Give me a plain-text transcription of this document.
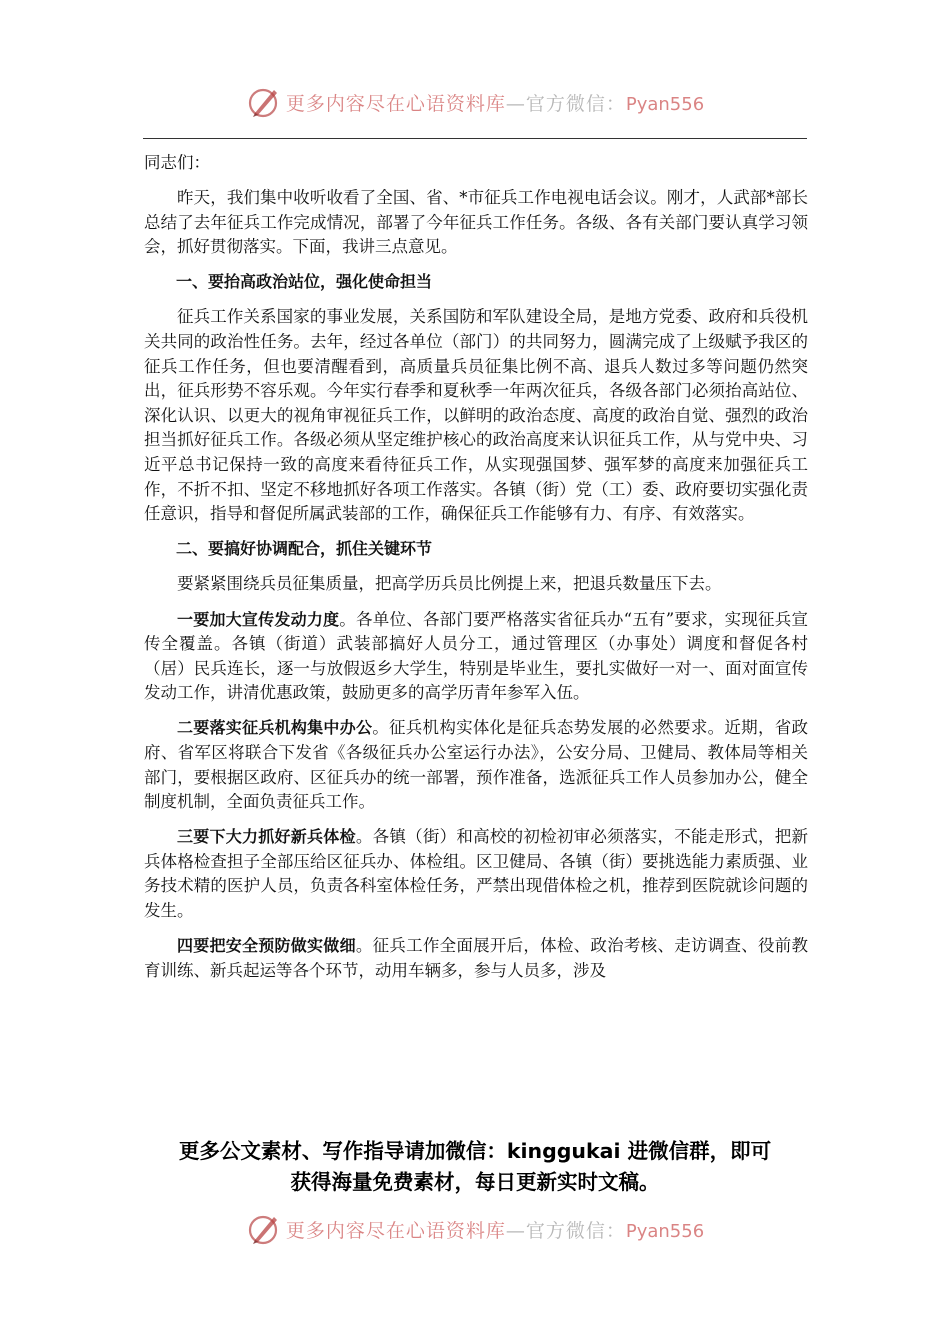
更多内容尽在心语资料库—官方微信：Pyan556

同志们：

昨天，我们集中收听收看了全国、省、*市征兵工作电视电话会议。刚才，人武部*部长总结了去年征兵工作完成情况，部署了今年征兵工作任务。各级、各有关部门要认真学习领会，抓好贯彻落实。下面，我讲三点意见。

一、要抬高政治站位，强化使命担当

征兵工作关系国家的事业发展，关系国防和军队建设全局，是地方党委、政府和兵役机关共同的政治性任务。去年，经过各单位（部门）的共同努力，圆满完成了上级赋予我区的征兵工作任务，但也要清醒看到，高质量兵员征集比例不高、退兵人数过多等问题仍然突出，征兵形势不容乐观。今年实行春季和夏秋季一年两次征兵，各级各部门必须抬高站位、深化认识、以更大的视角审视征兵工作，以鲜明的政治态度、高度的政治自觉、强烈的政治担当抓好征兵工作。各级必须从坚定维护核心的政治高度来认识征兵工作，从与党中央、习近平总书记保持一致的高度来看待征兵工作，从实现强国梦、强军梦的高度来加强征兵工作，不折不扣、坚定不移地抓好各项工作落实。各镇（街）党（工）委、政府要切实强化责任意识，指导和督促所属武装部的工作，确保征兵工作能够有力、有序、有效落实。

二、要搞好协调配合，抓住关键环节

要紧紧围绕兵员征集质量，把高学历兵员比例提上来，把退兵数量压下去。

一要加大宣传发动力度。各单位、各部门要严格落实省征兵办“五有”要求，实现征兵宣传全覆盖。各镇（街道）武装部搞好人员分工，通过管理区（办事处）调度和督促各村（居）民兵连长，逐一与放假返乡大学生，特别是毕业生，要扎实做好一对一、面对面宣传发动工作，讲清优惠政策，鼓励更多的高学历青年参军入伍。

二要落实征兵机构集中办公。征兵机构实体化是征兵态势发展的必然要求。近期，省政府、省军区将联合下发省《各级征兵办公室运行办法》，公安分局、卫健局、教体局等相关部门，要根据区政府、区征兵办的统一部署，预作准备，选派征兵工作人员参加办公，健全制度机制，全面负责征兵工作。

三要下大力抓好新兵体检。各镇（街）和高校的初检初审必须落实，不能走形式，把新兵体格检查担子全部压给区征兵办、体检组。区卫健局、各镇（街）要挑选能力素质强、业务技术精的医护人员，负责各科室体检任务，严禁出现借体检之机，推荐到医院就诊问题的发生。

四要把安全预防做实做细。征兵工作全面展开后，体检、政治考核、走访调查、役前教育训练、新兵起运等各个环节，动用车辆多，参与人员多，涉及

更多公文素材、写作指导请加微信：kinggukai 进微信群，即可
获得海量免费素材，每日更新实时文稿。
更多内容尽在心语资料库—官方微信：Pyan556
